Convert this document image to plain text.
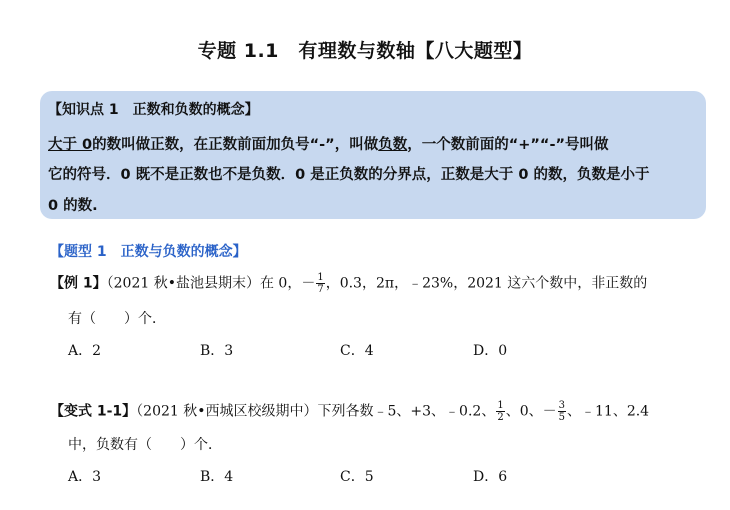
专题 1.1　有理数与数轴【八大题型】
【知识点 1　正数和负数的概念】
大于 0的数叫做正数，在正数前面加负号“-”，叫做负数，一个数前面的“+”“-”号叫做
它的符号．0 既不是正数也不是负数．0 是正负数的分界点，正数是大于 0 的数，负数是小于
0 的数.
【题型 1　正数与负数的概念】
【例 1】（2021 秋•盐池县期末）在 0，－ $\frac{1}{7}$ ，0.3，2π，﹣23%，2021 这六个数中，非正数的
有（　　）个．
A．2	B．3	C．4	D．0
【变式 1-1】（2021 秋•西城区校级期中）下列各数﹣5、+3、﹣0.2、 $\frac{1}{2}$ 、0、－ $\frac{3}{5}$ 、﹣11、2.4
中，负数有（　　）个．
A．3	B．4	C．5	D．6
